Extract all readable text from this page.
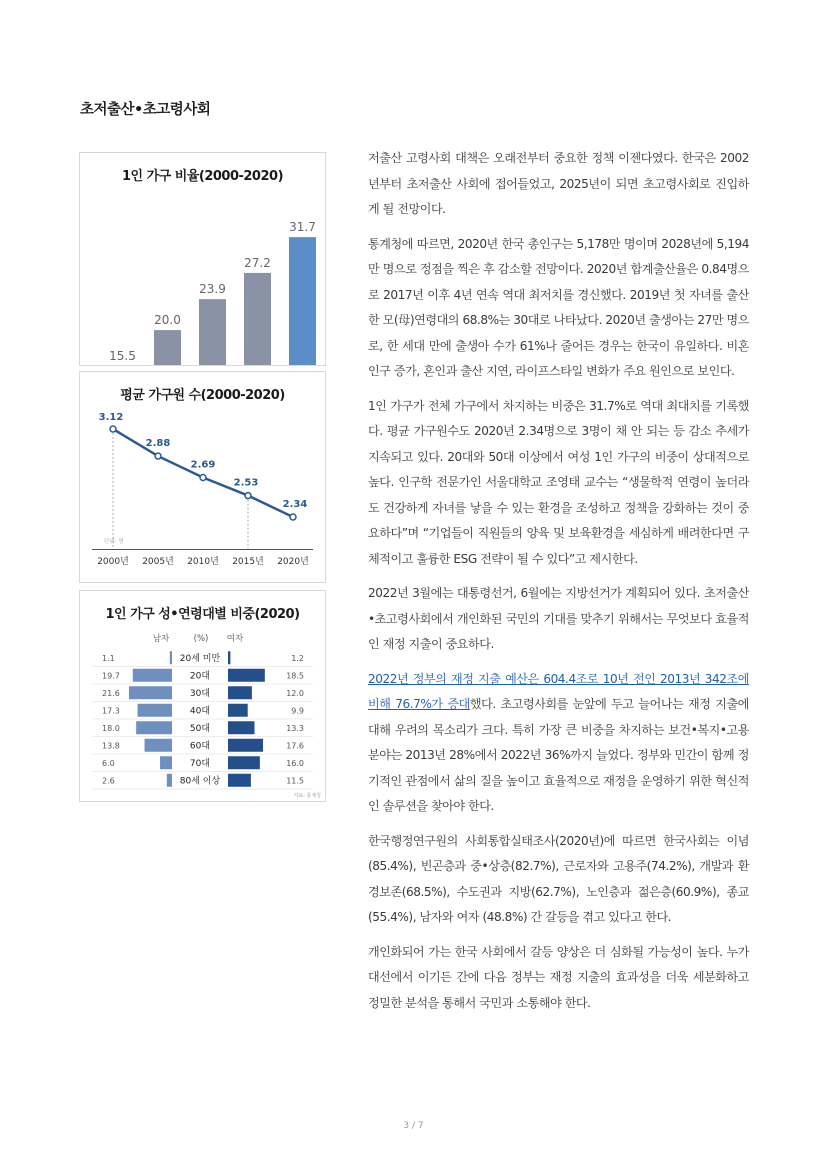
초저출산•초고령사회
1인 가구 비율(2000-2020)
15.5
20.0
23.9
27.2
31.7
평균 가구원 수(2000-2020)
3.12
2000년
2.88
2005년
2.69
2010년
2.53
2015년
2.34
2020년
단위: 명
1인 가구 성•연령대별 비중(2020)
남자	(%) 여자
20세 미만
1.1	1.2
20대
19.7	18.5
30대
21.6	12.0
40대
17.3	9.9
50대
18.0	13.3
60대
13.8	17.6
70대
6.0	16.0
80세 이상
2.6	11.5
자료: 통계청

저출산 고령사회 대책은 오래전부터 중요한 정책 이젠다였다. 한국은 2002년부터 초저출산 사회에 접어들었고, 2025년이 되면 초고령사회로 진입하게 될 전망이다.

통계청에 따르면, 2020년 한국 총인구는 5,178만 명이며 2028년에 5,194만 명으로 정점을 찍은 후 감소할 전망이다. 2020년 합계출산율은 0.84명으로 2017년 이후 4년 연속 역대 최저치를 경신했다. 2019년 첫 자녀를 출산한 모(母)연령대의 68.8%는 30대로 나타났다. 2020년 출생아는 27만 명으로, 한 세대 만에 출생아 수가 61%나 줄어든 경우는 한국이 유일하다. 비혼 인구 증가, 혼인과 출산 지연, 라이프스타일 변화가 주요 원인으로 보인다.

1인 가구가 전체 가구에서 차지하는 비중은 31.7%로 역대 최대치를 기록했다. 평균 가구원수도 2020년 2.34명으로 3명이 채 안 되는 등 감소 추세가 지속되고 있다. 20대와 50대 이상에서 여성 1인 가구의 비중이 상대적으로 높다. 인구학 전문가인 서울대학교 조영태 교수는 “생물학적 연령이 높더라도 건강하게 자녀를 낳을 수 있는 환경을 조성하고 정책을 강화하는 것이 중요하다”며 “기업들이 직원들의 양육 및 보육환경을 세심하게 배려한다면 구체적이고 훌륭한 ESG 전략이 될 수 있다”고 제시한다.

2022년 3월에는 대통령선거, 6월에는 지방선거가 계획되어 있다. 초저출산•초고령사회에서 개인화된 국민의 기대를 맞추기 위해서는 무엇보다 효율적인 재정 지출이 중요하다.

2022년 정부의 재정 지출 예산은 604.4조로 10년 전인 2013년 342조에 비해 76.7%가 증대했다. 초고령사회를 눈앞에 두고 늘어나는 재정 지출에 대해 우려의 목소리가 크다. 특히 가장 큰 비중을 차지하는 보건•복지•고용 분야는 2013년 28%에서 2022년 36%까지 늘었다. 정부와 민간이 함께 정기적인 관점에서 삶의 질을 높이고 효율적으로 재정을 운영하기 위한 혁신적인 솔루션을 찾아야 한다.

한국행정연구원의 사회통합실태조사(2020년)에 따르면 한국사회는 이념(85.4%), 빈곤층과 중•상층(82.7%), 근로자와 고용주(74.2%), 개발과 환경보존(68.5%), 수도권과 지방(62.7%), 노인층과 젊은층(60.9%), 종교 (55.4%), 남자와 여자 (48.8%) 간 갈등을 겪고 있다고 한다.

개인화되어 가는 한국 사회에서 갈등 양상은 더 심화될 가능성이 높다. 누가 대선에서 이기든 간에 다음 정부는 재정 지출의 효과성을 더욱 세분화하고 정밀한 분석을 통해서 국민과 소통해야 한다.

3 / 7
